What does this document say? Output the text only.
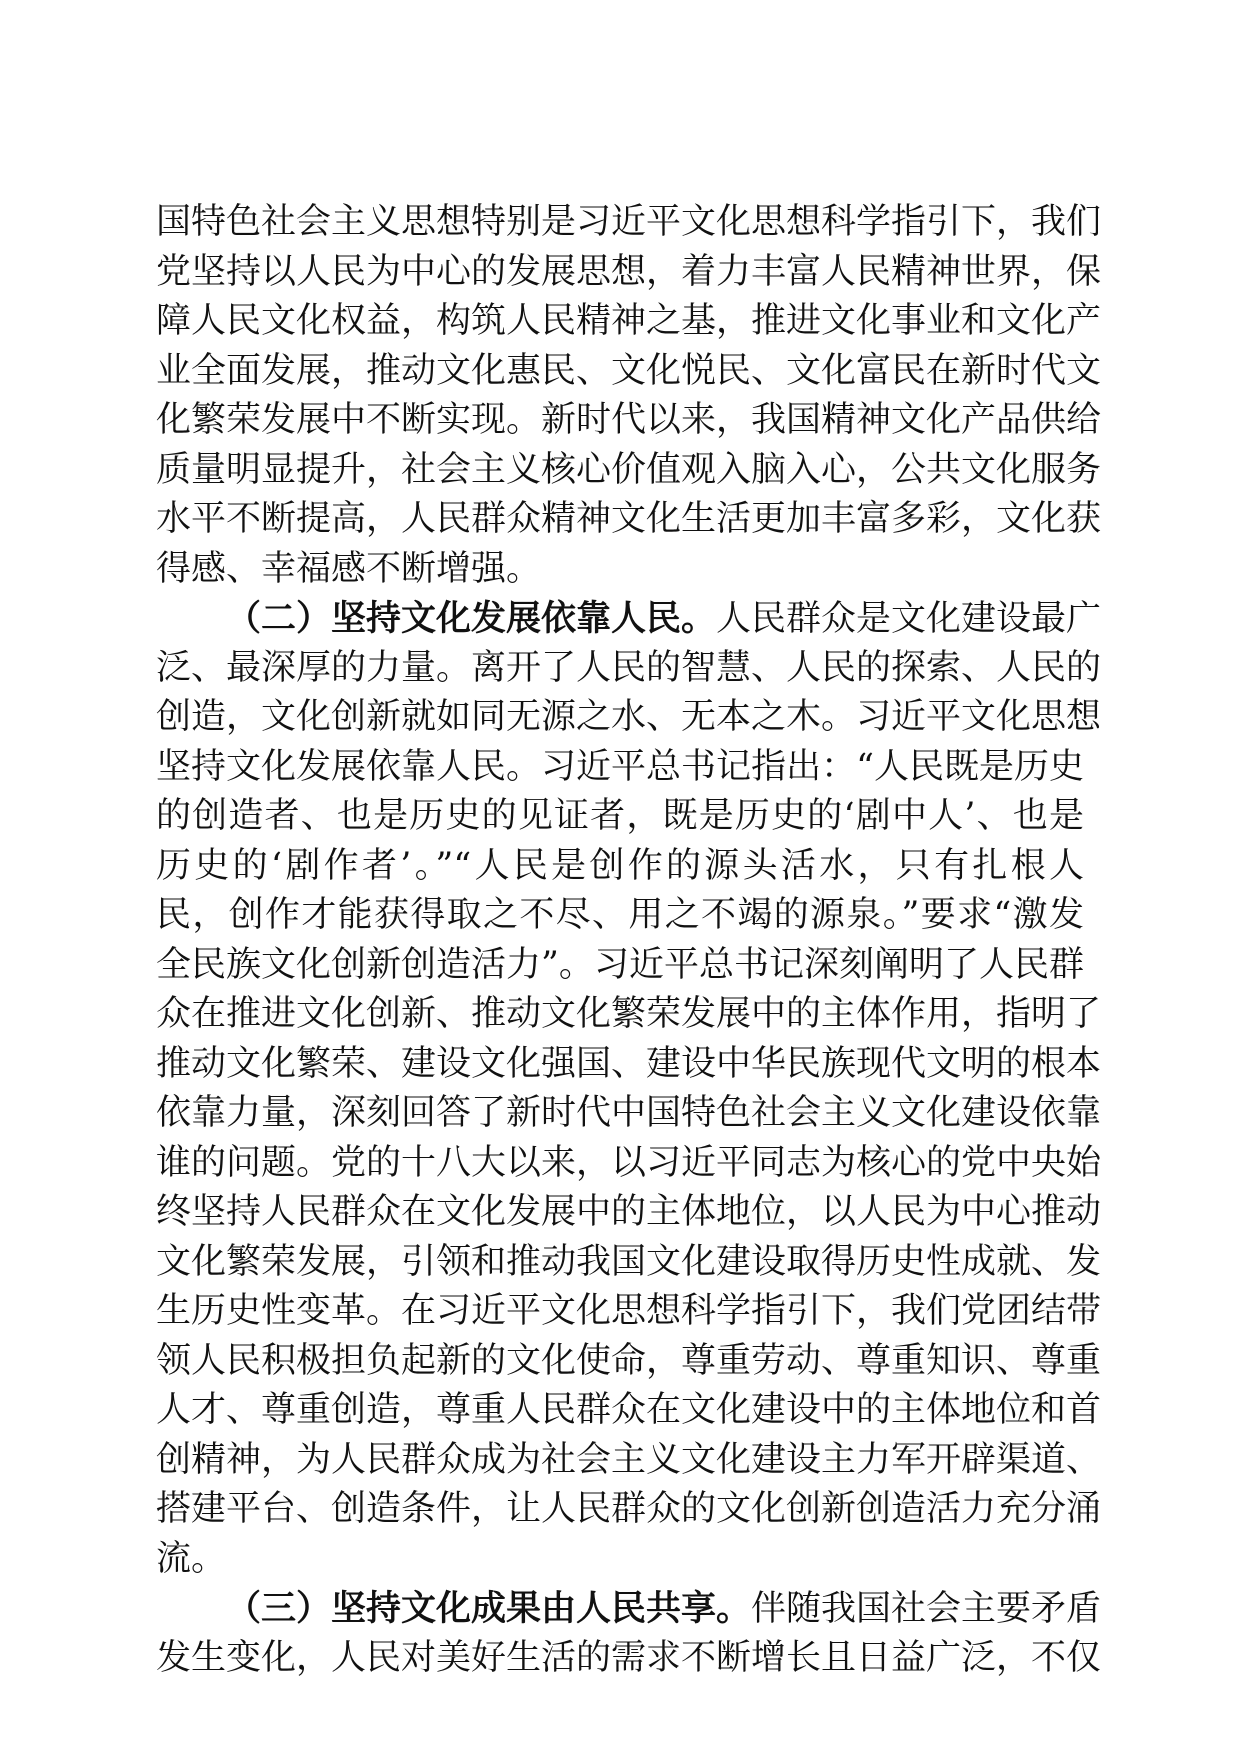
国特色社会主义思想特别是习近平文化思想科学指引下，我们
党坚持以人民为中心的发展思想，着力丰富人民精神世界，保
障人民文化权益，构筑人民精神之基，推进文化事业和文化产
业全面发展，推动文化惠民、文化悦民、文化富民在新时代文
化繁荣发展中不断实现。新时代以来，我国精神文化产品供给
质量明显提升，社会主义核心价值观入脑入心，公共文化服务
水平不断提高，人民群众精神文化生活更加丰富多彩，文化获
得感、幸福感不断增强。
（二）坚持文化发展依靠人民。人民群众是文化建设最广
泛、最深厚的力量。离开了人民的智慧、人民的探索、人民的
创造，文化创新就如同无源之水、无本之木。习近平文化思想
坚持文化发展依靠人民。习近平总书记指出：“人民既是历史
的创造者、也是历史的见证者，既是历史的‘剧中人’、也是
历史的‘剧作者’。”“人民是创作的源头活水，只有扎根人
民，创作才能获得取之不尽、用之不竭的源泉。”要求“激发
全民族文化创新创造活力”。习近平总书记深刻阐明了人民群
众在推进文化创新、推动文化繁荣发展中的主体作用，指明了
推动文化繁荣、建设文化强国、建设中华民族现代文明的根本
依靠力量，深刻回答了新时代中国特色社会主义文化建设依靠
谁的问题。党的十八大以来，以习近平同志为核心的党中央始
终坚持人民群众在文化发展中的主体地位，以人民为中心推动
文化繁荣发展，引领和推动我国文化建设取得历史性成就、发
生历史性变革。在习近平文化思想科学指引下，我们党团结带
领人民积极担负起新的文化使命，尊重劳动、尊重知识、尊重
人才、尊重创造，尊重人民群众在文化建设中的主体地位和首
创精神，为人民群众成为社会主义文化建设主力军开辟渠道、
搭建平台、创造条件，让人民群众的文化创新创造活力充分涌
流。
（三）坚持文化成果由人民共享。伴随我国社会主要矛盾
发生变化，人民对美好生活的需求不断增长且日益广泛，不仅
